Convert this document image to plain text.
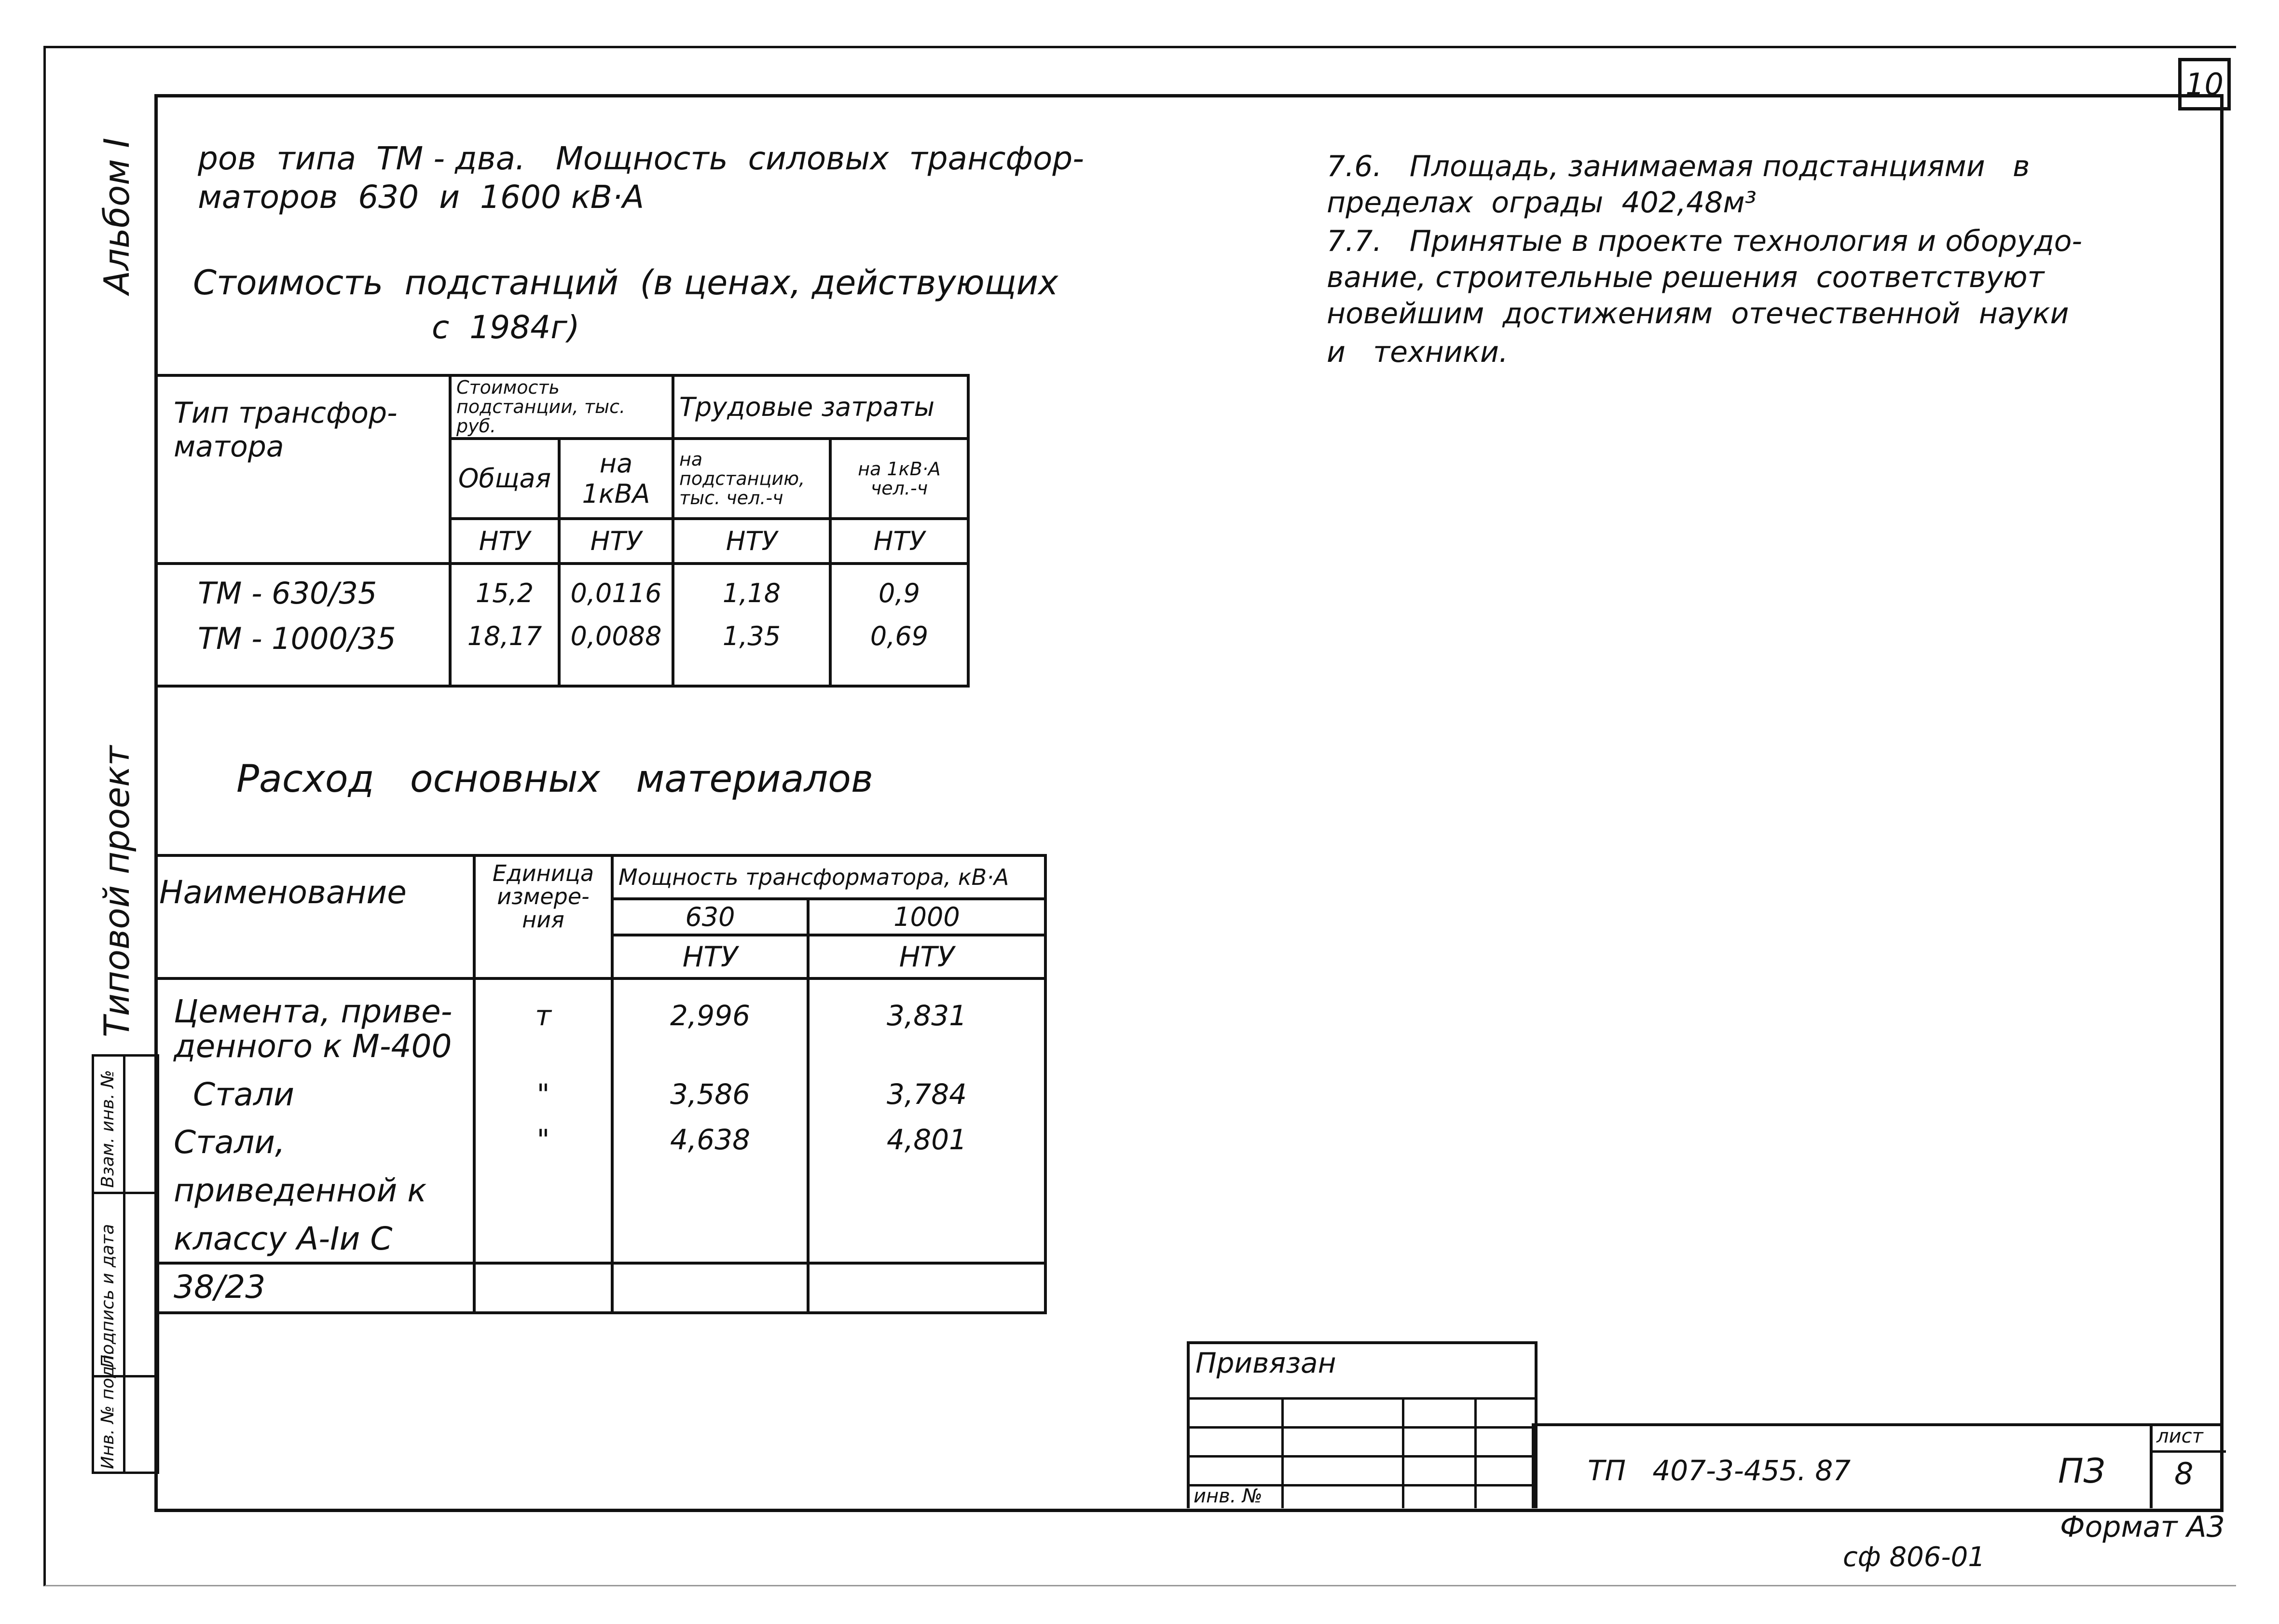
10
Альбом I
Типовой проект
Подпись и дата
Взам. инв. №
Инв. № подл.
ров  типа  ТМ - два.   Мощность  силовых  трансфор-
маторов  630  и  1600 кВ·А
Стоимость  подстанций  (в ценах, действующих
с  1984г)
Тип трансфор-маторa	Стоимость подстанции, тыс. руб.		Трудовые затраты	
	Общая	на 1кВА	на подстанцию, тыс. чел.-ч	на 1кВ·А чел.-ч
	НТУ	НТУ	НТУ	НТУ
ТМ - 630/35	15,2	0,0116	1,18	0,9
ТМ - 1000/35	18,17	0,0088	1,35	0,69
Расход   основных   материалов
Наименование	Единица измере-ния	Мощность трансформатора, кВ·А	
		630	1000
		НТУ	НТУ
Цемента, приве-денного к М-400	т	2,996	3,831
Стали	"	3,586	3,784
Стали, приведенной к классу А-Iи С 38/23	"	4,638	4,801
7.6.   Площадь, занимаемая подстанциями   в
пределах  ограды  402,48м³
7.7.   Принятые в проекте технология и оборудо-
вание, строительные решения  соответствуют
новейшим  достижениям  отечественной  науки
и   техники.
Привязан
инв. №
ТП   407-3-455. 87	ПЗ
лист
8
Формат А3
сф 806-01
